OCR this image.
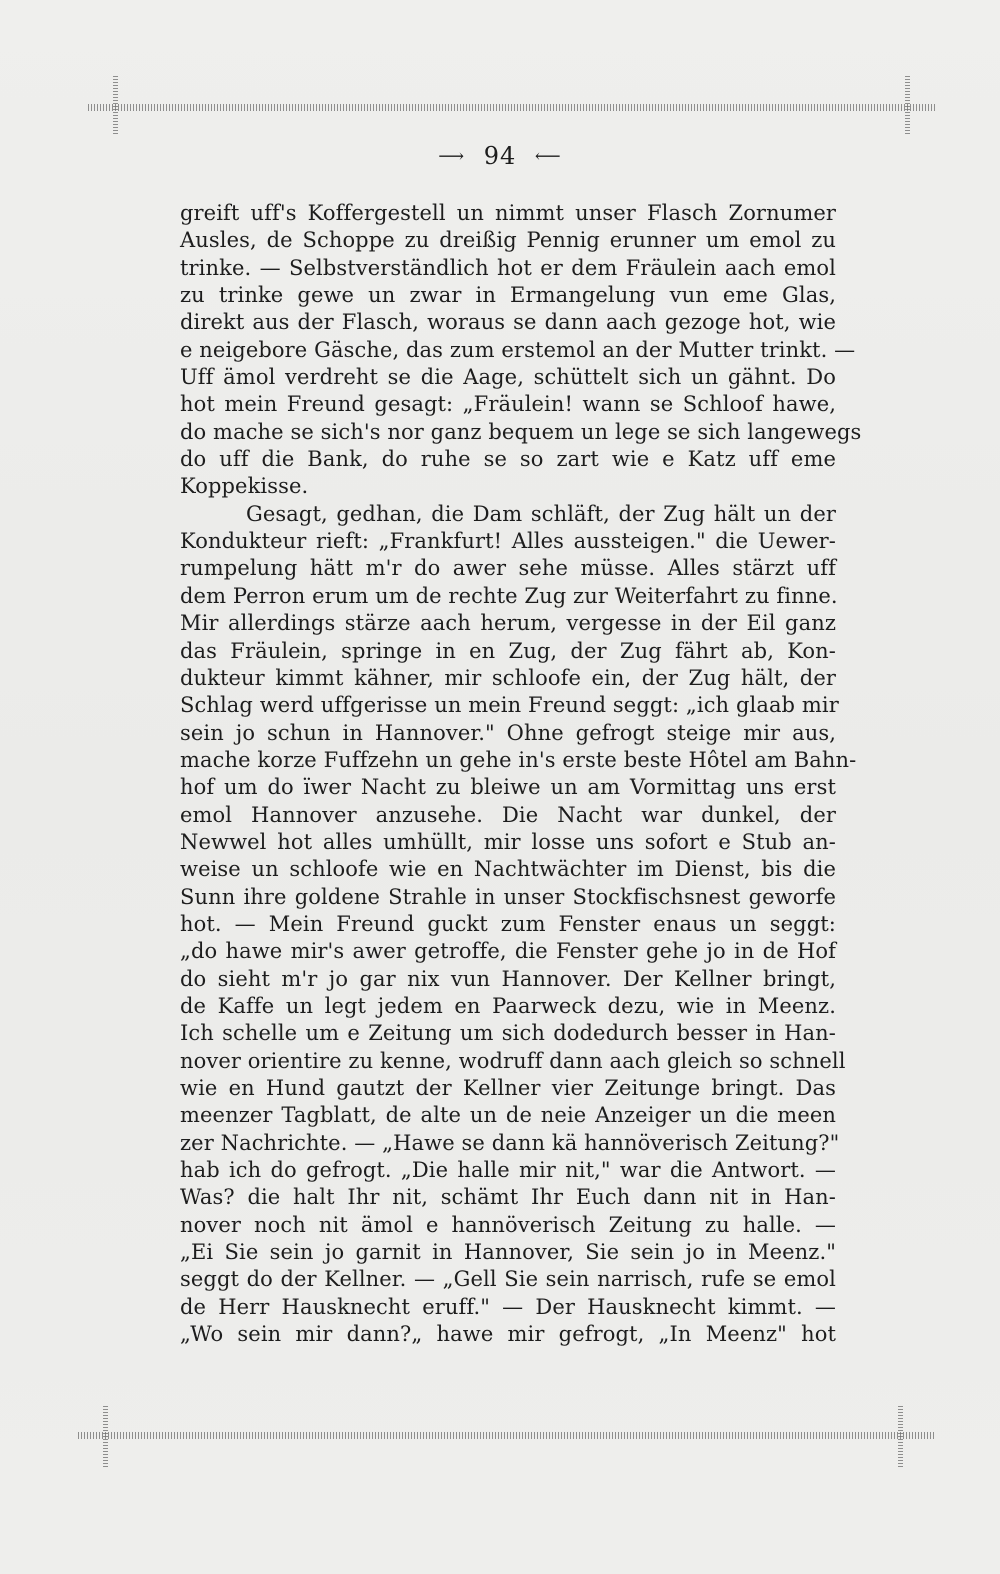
⟶ 94 ⟵
greift uff's Koffergestell un nimmt unser Flasch Zornumer
Ausles, de Schoppe zu dreißig Pennig erunner um emol zu
trinke. — Selbstverständlich hot er dem Fräulein aach emol
zu trinke gewe un zwar in Ermangelung vun eme Glas,
direkt aus der Flasch, woraus se dann aach gezoge hot, wie
e neigebore Gäsche, das zum erstemol an der Mutter trinkt. —
Uff ämol verdreht se die Aage, schüttelt sich un gähnt. Do
hot mein Freund gesagt: „Fräulein! wann se Schloof hawe,
do mache se sich's nor ganz bequem un lege se sich langewegs
do uff die Bank, do ruhe se so zart wie e Katz uff eme
Koppekisse.
Gesagt, gedhan, die Dam schläft, der Zug hält un der
Kondukteur rieft: „Frankfurt! Alles aussteigen." die Uewer-
rumpelung hätt m'r do awer sehe müsse. Alles stärzt uff
dem Perron erum um de rechte Zug zur Weiterfahrt zu finne.
Mir allerdings stärze aach herum, vergesse in der Eil ganz
das Fräulein, springe in en Zug, der Zug fährt ab, Kon-
dukteur kimmt kähner, mir schloofe ein, der Zug hält, der
Schlag werd uffgerisse un mein Freund seggt: „ich glaab mir
sein jo schun in Hannover." Ohne gefrogt steige mir aus,
mache korze Fuffzehn un gehe in's erste beste Hôtel am Bahn-
hof um do ïwer Nacht zu bleiwe un am Vormittag uns erst
emol Hannover anzusehe. Die Nacht war dunkel, der
Newwel hot alles umhüllt, mir losse uns sofort e Stub an-
weise un schloofe wie en Nachtwächter im Dienst, bis die
Sunn ihre goldene Strahle in unser Stockfischsnest geworfe
hot. — Mein Freund guckt zum Fenster enaus un seggt:
„do hawe mir's awer getroffe, die Fenster gehe jo in de Hof
do sieht m'r jo gar nix vun Hannover. Der Kellner bringt,
de Kaffe un legt jedem en Paarweck dezu, wie in Meenz.
Ich schelle um e Zeitung um sich dodedurch besser in Han-
nover orientire zu kenne, wodruff dann aach gleich so schnell
wie en Hund gautzt der Kellner vier Zeitunge bringt. Das
meenzer Tagblatt, de alte un de neie Anzeiger un die meen
zer Nachrichte. — „Hawe se dann kä hannöverisch Zeitung?"
hab ich do gefrogt. „Die halle mir nit," war die Antwort. —
Was? die halt Ihr nit, schämt Ihr Euch dann nit in Han-
nover noch nit ämol e hannöverisch Zeitung zu halle. —
„Ei Sie sein jo garnit in Hannover, Sie sein jo in Meenz."
seggt do der Kellner. — „Gell Sie sein narrisch, rufe se emol
de Herr Hausknecht eruff." — Der Hausknecht kimmt. —
„Wo sein mir dann?„ hawe mir gefrogt, „In Meenz" hot
